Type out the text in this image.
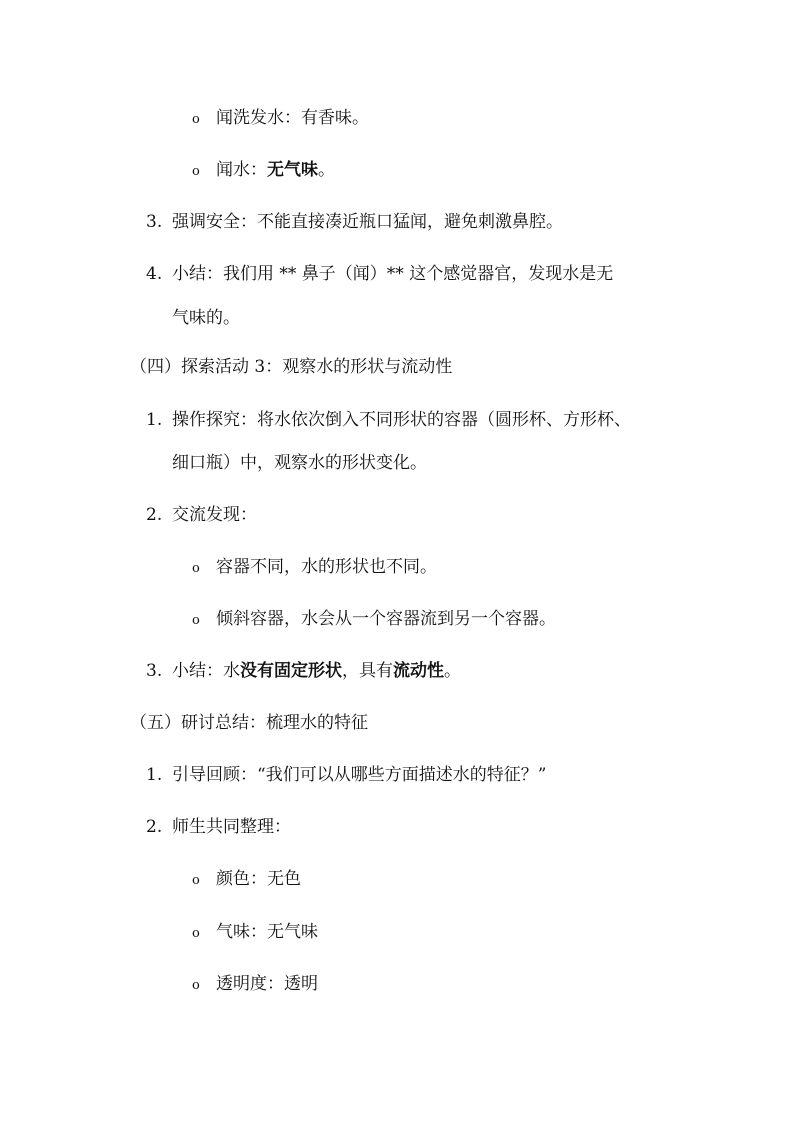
o 闻洗发水：有香味。
o 闻水：无气味。
3. 强调安全：不能直接凑近瓶口猛闻，避免刺激鼻腔。
4. 小结：我们用 ** 鼻子（闻）** 这个感觉器官，发现水是无
气味的。
（四）探索活动 3：观察水的形状与流动性
1. 操作探究：将水依次倒入不同形状的容器（圆形杯、方形杯、
细口瓶）中，观察水的形状变化。
2. 交流发现：
o 容器不同，水的形状也不同。
o 倾斜容器，水会从一个容器流到另一个容器。
3. 小结：水没有固定形状，具有流动性。
（五）研讨总结：梳理水的特征
1. 引导回顾：“我们可以从哪些方面描述水的特征？”
2. 师生共同整理：
o 颜色：无色
o 气味：无气味
o 透明度：透明
